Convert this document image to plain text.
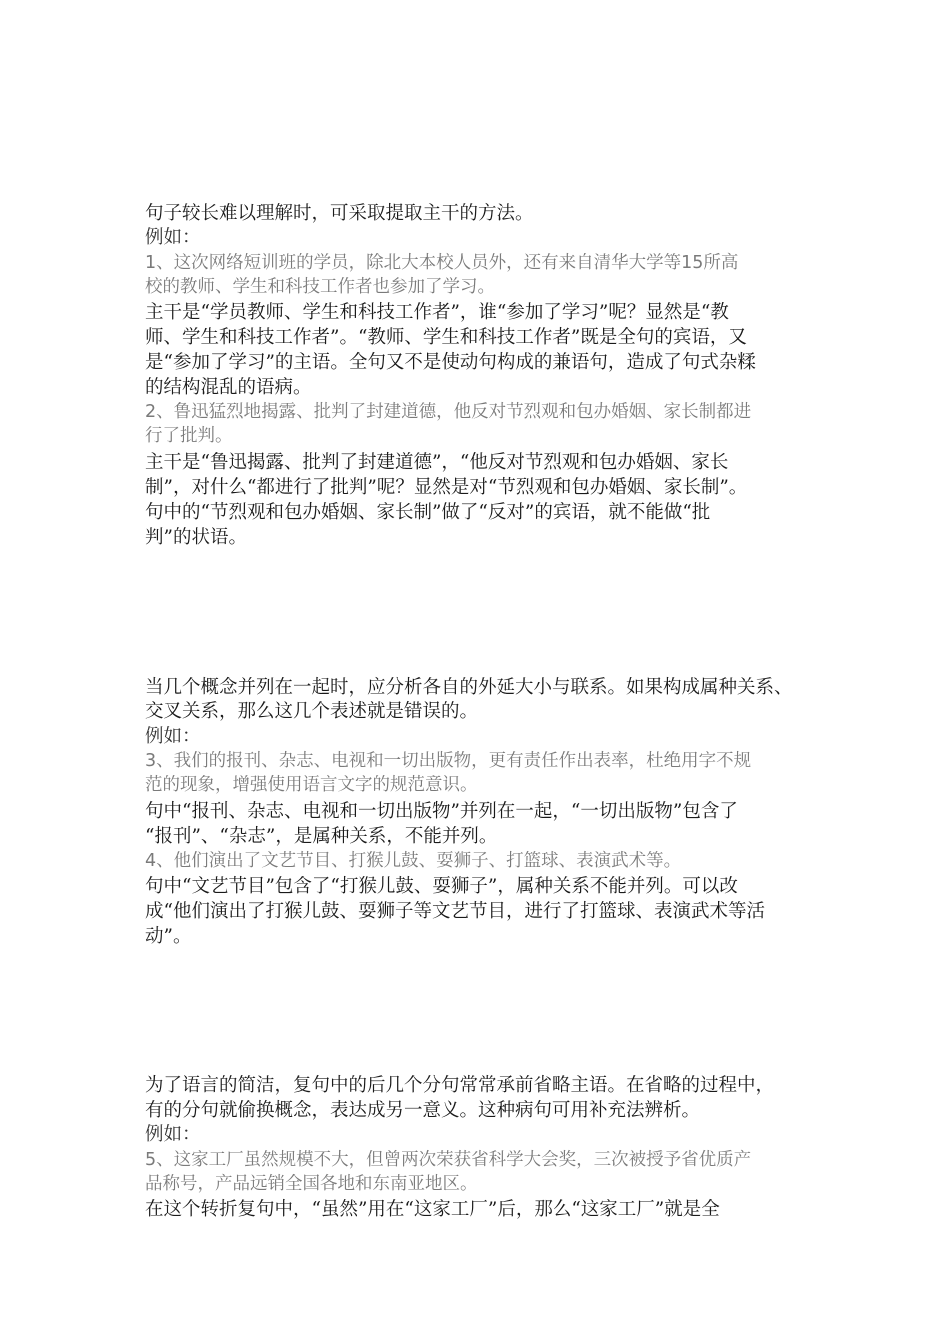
句子较长难以理解时，可采取提取主干的方法。
例如：
1、这次网络短训班的学员，除北大本校人员外，还有来自清华大学等15所高
校的教师、学生和科技工作者也参加了学习。
主干是“学员教师、学生和科技工作者”，谁“参加了学习”呢？显然是“教
师、学生和科技工作者”。“教师、学生和科技工作者”既是全句的宾语，又
是“参加了学习”的主语。全句又不是使动句构成的兼语句，造成了句式杂糅
的结构混乱的语病。
2、鲁迅猛烈地揭露、批判了封建道德，他反对节烈观和包办婚姻、家长制都进
行了批判。
主干是“鲁迅揭露、批判了封建道德”，“他反对节烈观和包办婚姻、家长
制”，对什么“都进行了批判”呢？显然是对“节烈观和包办婚姻、家长制”。
句中的“节烈观和包办婚姻、家长制”做了“反对”的宾语，就不能做“批
判”的状语。
当几个概念并列在一起时，应分析各自的外延大小与联系。如果构成属种关系、
交叉关系，那么这几个表述就是错误的。
例如：
3、我们的报刊、杂志、电视和一切出版物，更有责任作出表率，杜绝用字不规
范的现象，增强使用语言文字的规范意识。
句中“报刊、杂志、电视和一切出版物”并列在一起，“一切出版物”包含了
“报刊”、“杂志”，是属种关系，不能并列。
4、他们演出了文艺节目、打猴儿鼓、耍狮子、打篮球、表演武术等。
句中“文艺节目”包含了“打猴儿鼓、耍狮子”，属种关系不能并列。可以改
成“他们演出了打猴儿鼓、耍狮子等文艺节目，进行了打篮球、表演武术等活
动”。
为了语言的简洁，复句中的后几个分句常常承前省略主语。在省略的过程中，
有的分句就偷换概念，表达成另一意义。这种病句可用补充法辨析。
例如：
5、这家工厂虽然规模不大，但曾两次荣获省科学大会奖，三次被授予省优质产
品称号，产品远销全国各地和东南亚地区。
在这个转折复句中，“虽然”用在“这家工厂”后，那么“这家工厂”就是全
